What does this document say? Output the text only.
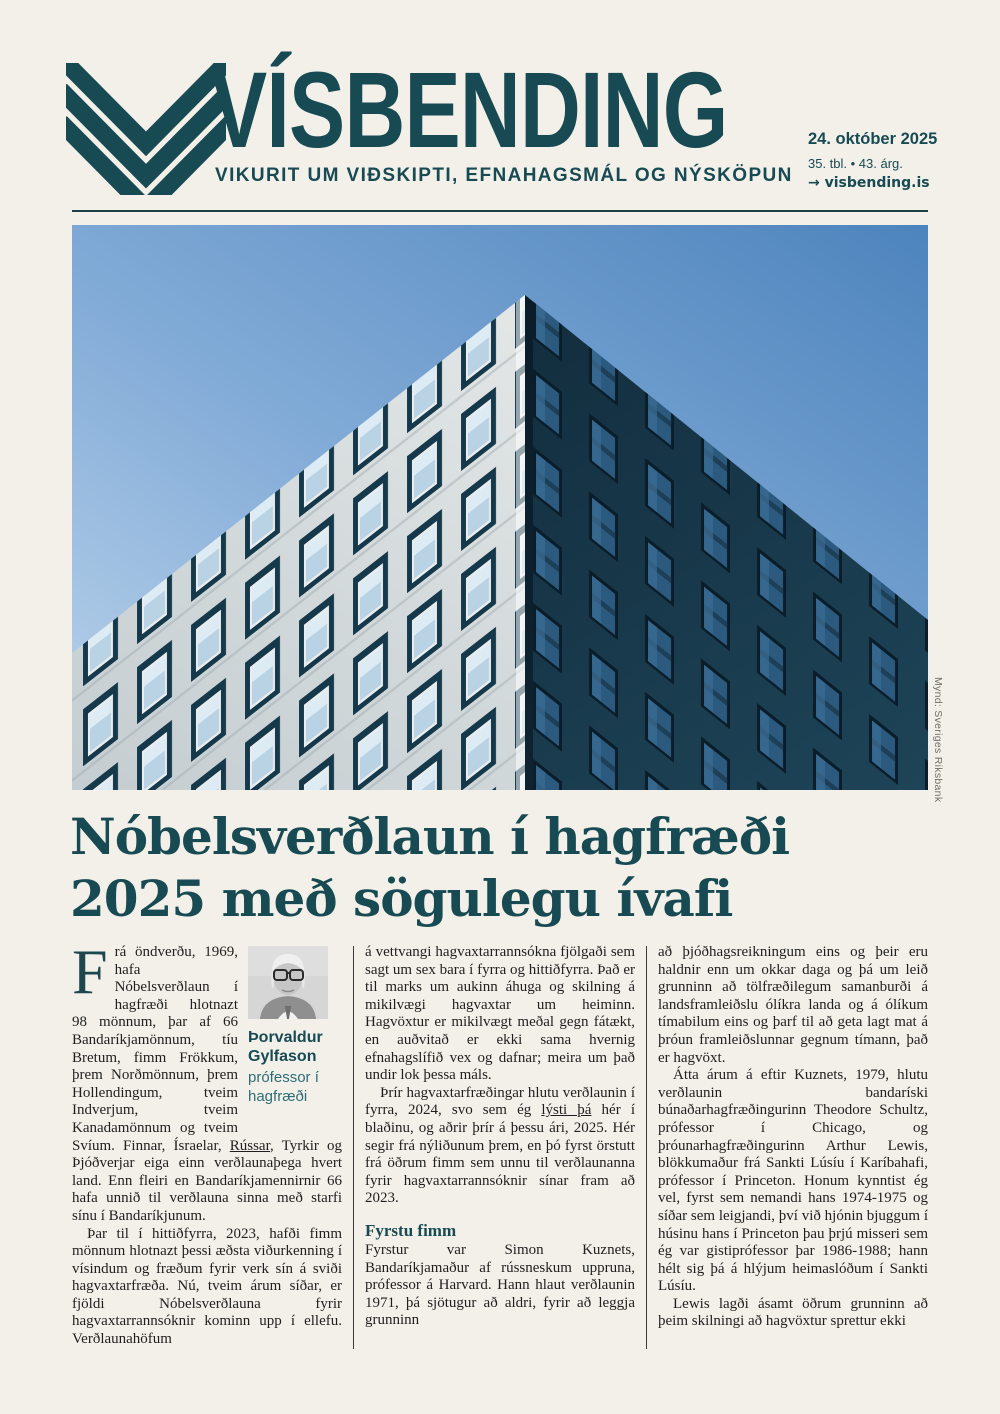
VÍSBENDING
VIKURIT UM VIÐSKIPTI, EFNAHAGSMÁL OG NÝSKÖPUN
24. október 2025
35. tbl. • 43. árg.
→ visbending.is
Mynd: Sveriges Riksbank
Nóbelsverðlaun í hagfræði
2025 með sögulegu ívafi
Þorvaldur Gylfason
prófessor í hagfræði

Frá öndverðu, 1969, hafa Nóbelsverðlaun í hagfræði hlotnazt 98 mönnum, þar af 66 Bandaríkjamönnum, tíu Bretum, fimm Frökkum, þrem Norðmönnum, þrem Hollendingum, tveim Indverjum, tveim Kanadamönnum og tveim Svíum. Finnar, Ísraelar, Rússar, Tyrkir og Þjóðverjar eiga einn verðlaunaþega hvert land. Enn fleiri en Bandaríkjamennirnir 66 hafa unnið til verðlauna sinna með starfi sínu í Bandaríkjunum.

Þar til í hittiðfyrra, 2023, hafði fimm mönnum hlotnazt þessi æðsta viðurkenning í vísindum og fræðum fyrir verk sín á sviði hagvaxtarfræða. Nú, tveim árum síðar, er fjöldi Nóbelsverðlauna fyrir hagvaxtarrannsóknir kominn upp í ellefu. Verðlaunahöfum

á vettvangi hagvaxtarrannsókna fjölgaði sem sagt um sex bara í fyrra og hittiðfyrra. Það er til marks um aukinn áhuga og skilning á mikilvægi hagvaxtar um heiminn. Hagvöxtur er mikilvægt meðal gegn fátækt, en auðvitað er ekki sama hvernig efnahagslífið vex og dafnar; meira um það undir lok þessa máls.

Þrír hagvaxtarfræðingar hlutu verðlaunin í fyrra, 2024, svo sem ég lýsti þá hér í blaðinu, og aðrir þrír á þessu ári, 2025. Hér segir frá nýliðunum þrem, en þó fyrst örstutt frá öðrum fimm sem unnu til verðlaunanna fyrir hagvaxtarrannsóknir sínar fram að 2023.

Fyrstu fimm

Fyrstur var Simon Kuznets, Bandaríkjamaður af rússneskum uppruna, prófessor á Harvard. Hann hlaut verðlaunin 1971, þá sjötugur að aldri, fyrir að leggja grunninn

að þjóðhagsreikningum eins og þeir eru haldnir enn um okkar daga og þá um leið grunninn að tölfræðilegum samanburði á landsframleiðslu ólíkra landa og á ólíkum tímabilum eins og þarf til að geta lagt mat á þróun framleiðslunnar gegnum tímann, það er hagvöxt.

Átta árum á eftir Kuznets, 1979, hlutu verðlaunin bandaríski búnaðarhagfræðingurinn Theodore Schultz, prófessor í Chicago, og þróunarhagfræðingurinn Arthur Lewis, blökkumaður frá Sankti Lúsíu í Karíbahafi, prófessor í Princeton. Honum kynntist ég vel, fyrst sem nemandi hans 1974-1975 og síðar sem leigjandi, því við hjónin bjuggum í húsinu hans í Princeton þau þrjú misseri sem ég var gistiprófessor þar 1986-1988; hann hélt sig þá á hlýjum heimaslóðum í Sankti Lúsíu.

Lewis lagði ásamt öðrum grunninn að þeim skilningi að hagvöxtur sprettur ekki
